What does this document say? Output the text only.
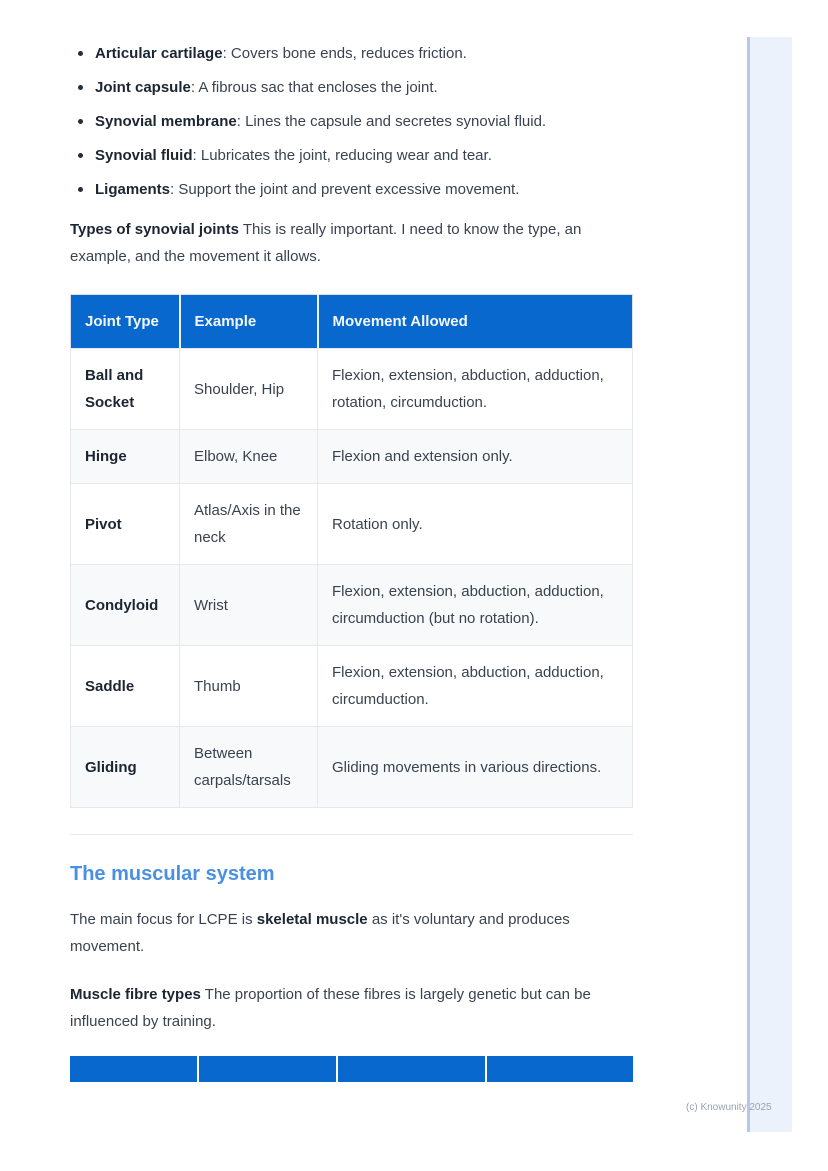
(c) Knowunity 2025
Articular cartilage: Covers bone ends, reduces friction.
Joint capsule: A fibrous sac that encloses the joint.
Synovial membrane: Lines the capsule and secretes synovial fluid.
Synovial fluid: Lubricates the joint, reducing wear and tear.
Ligaments: Support the joint and prevent excessive movement.

Types of synovial joints This is really important. I need to know the type, an example, and the movement it allows.

Joint Type	Example	Movement Allowed
Ball and Socket	Shoulder, Hip	Flexion, extension, abduction, adduction, rotation, circumduction.
Hinge	Elbow, Knee	Flexion and extension only.
Pivot	Atlas/Axis in the neck	Rotation only.
Condyloid	Wrist	Flexion, extension, abduction, adduction, circumduction (but no rotation).
Saddle	Thumb	Flexion, extension, abduction, adduction, circumduction.
Gliding	Between carpals/tarsals	Gliding movements in various directions.
The muscular system

The main focus for LCPE is skeletal muscle as it's voluntary and produces movement.

Muscle fibre types The proportion of these fibres is largely genetic but can be influenced by training.
